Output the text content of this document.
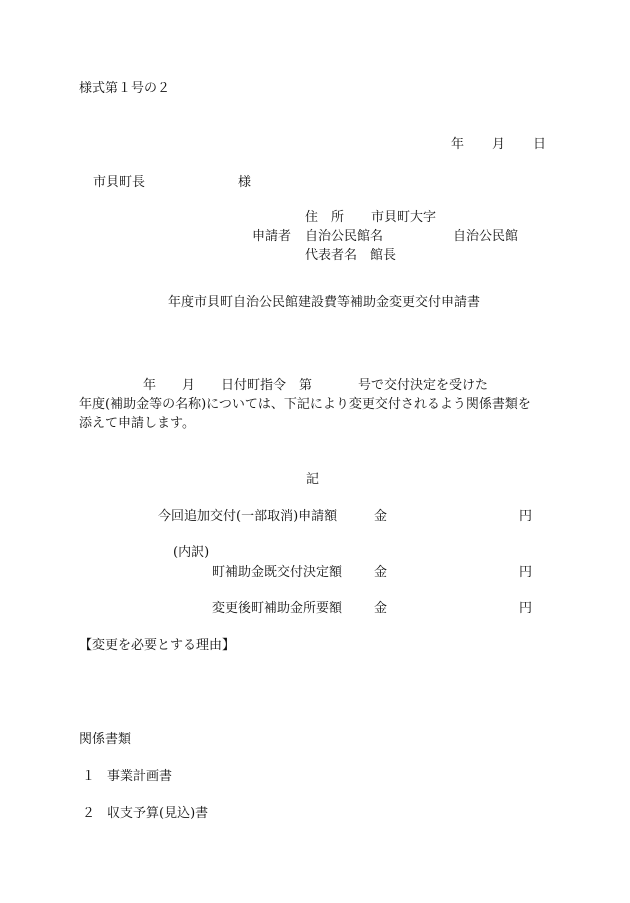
様式第１号の２
年 月 日
市貝町長	様
住　所 市貝町大字
申請者 自治公民館名	自治公民館
代表者名 館長
年度市貝町自治公民館建設費等補助金変更交付申請書
年 月 日付町指令　第	号で交付決定を受けた
年度(補助金等の名称)については、下記により変更交付されるよう関係書類を
添えて申請します。
記
今回追加交付(一部取消)申請額	金	円
(内訳)
町補助金既交付決定額 金	円
変更後町補助金所要額 金	円
【変更を必要とする理由】
関係書類
１ 事業計画書
２ 収支予算(見込)書
